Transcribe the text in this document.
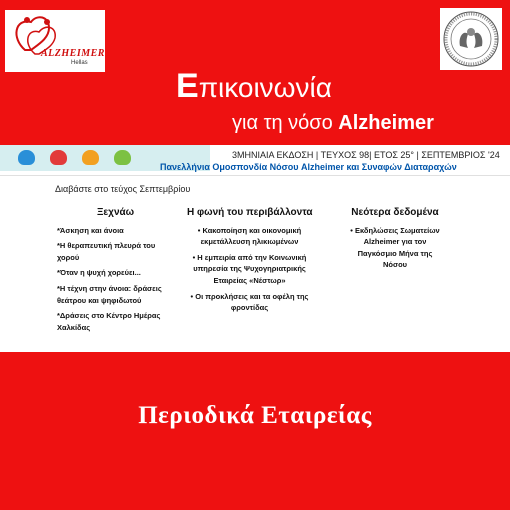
ALZHEIMER
Hellas
Επικοινωνία
για τη νόσο Alzheimer
3ΜΗΝΙΑΙΑ ΕΚΔΟΣΗ | ΤΕΥΧΟΣ 98| ΕΤΟΣ 25° | ΣΕΠΤΕΜΒΡΙΟΣ '24
Πανελλήνια Ομοσπονδία Νόσου Alzheimer και Συναφών Διαταραχών
Διαβάστε στο τεύχος Σεπτεμβρίου
Ξεχνάω

*Άσκηση και άνοια

*Η θεραπευτική πλευρά του χορού

*Όταν η ψυχή χορεύει...

*Η τέχνη στην άνοια: δράσεις θεάτρου και ψηφιδωτού

*Δράσεις στο Κέντρο Ημέρας Χαλκίδας

Η φωνή του περιβάλλοντα

• Κακοποίηση και οικονομική εκμετάλλευση ηλικιωμένων

• Η εμπειρία από την Κοινωνική υπηρεσία της Ψυχογηριατρικής Εταιρείας «Νέστωρ»

• Οι προκλήσεις και τα οφέλη της φροντίδας

Νεότερα δεδομένα

• Εκδηλώσεις Σωματείων Alzheimer για τον Παγκόσμιο Μήνα της Νόσου

Περιοδικά Εταιρείας
